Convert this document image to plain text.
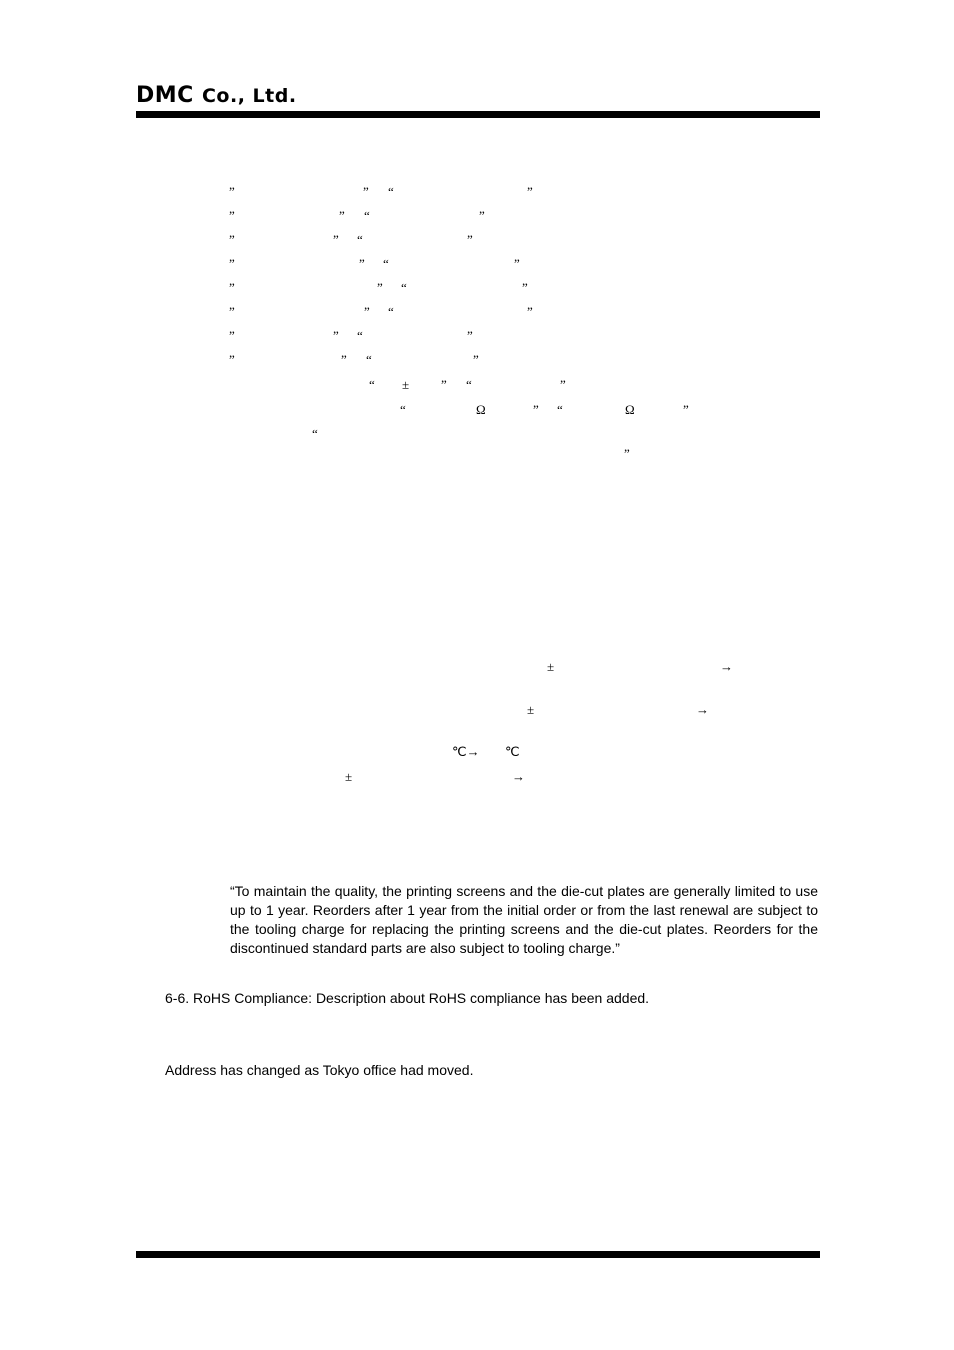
DMC Co., Ltd.
”	” “	”
”	” “	”
”	” “	”
”	” “	”
”	” “	”
”	” “	”
”	” “	”
”	” “	”
“ ± ” “	”
“	Ω	” “	Ω	”
“
”
±	→
±	→
℃→ ℃
±	→
“To maintain the quality, the printing screens and the die-cut plates are generally limited to use up to 1 year. Reorders after 1 year from the initial order or from the last renewal are subject to the tooling charge for replacing the printing screens and the die-cut plates. Reorders for the discontinued standard parts are also subject to tooling charge.”
6-6. RoHS Compliance: Description about RoHS compliance has been added.
Address has changed as Tokyo office had moved.
